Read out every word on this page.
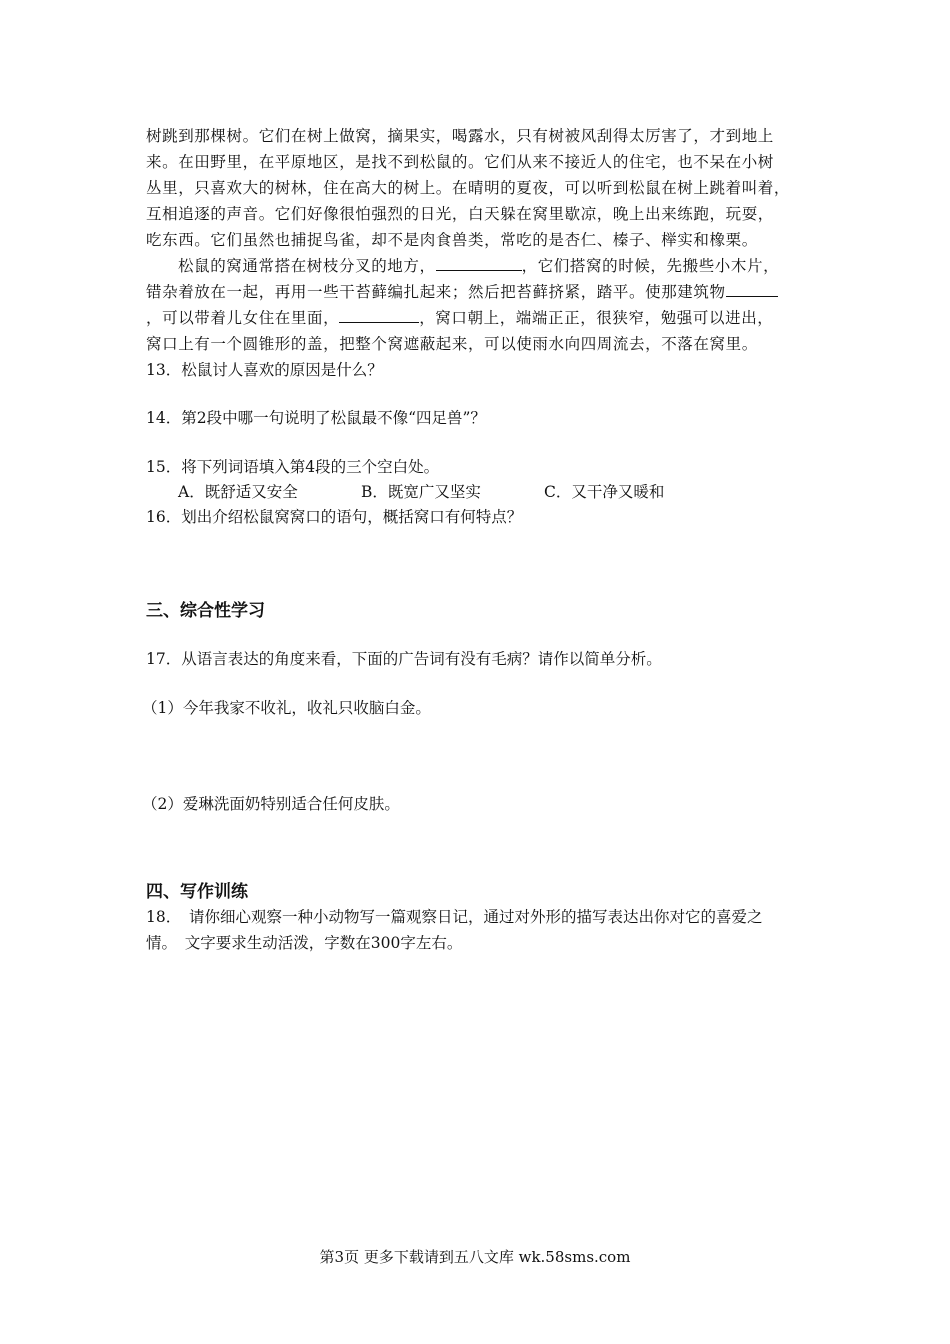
树跳到那棵树。它们在树上做窝，摘果实，喝露水，只有树被风刮得太厉害了，才到地上
来。在田野里，在平原地区，是找不到松鼠的。它们从来不接近人的住宅，也不呆在小树
丛里，只喜欢大的树林，住在高大的树上。在晴明的夏夜，可以听到松鼠在树上跳着叫着，
互相追逐的声音。它们好像很怕强烈的日光，白天躲在窝里歇凉，晚上出来练跑，玩耍，
吃东西。它们虽然也捕捉鸟雀，却不是肉食兽类，常吃的是杏仁、榛子、榉实和橡栗。
松鼠的窝通常搭在树枝分叉的地方，	，它们搭窝的时候，先搬些小木片，
错杂着放在一起，再用一些干苔藓编扎起来；然后把苔藓挤紧，踏平。使那建筑物
，可以带着儿女住在里面，	，窝口朝上，端端正正，很狭窄，勉强可以进出，
窝口上有一个圆锥形的盖，把整个窝遮蔽起来，可以使雨水向四周流去，不落在窝里。
13．松鼠讨人喜欢的原因是什么？
14．第2段中哪一句说明了松鼠最不像“四足兽”？
15．将下列词语填入第4段的三个空白处。
A．既舒适又安全	B．既宽广又坚实	C．又干净又暖和
16．划出介绍松鼠窝窝口的语句，概括窝口有何特点？
三、综合性学习
17．从语言表达的角度来看，下面的广告词有没有毛病？请作以简单分析。
（1）今年我家不收礼，收礼只收脑白金。
（2）爱琳洗面奶特别适合任何皮肤。
四、写作训练
18．　请你细心观察一种小动物写一篇观察日记，通过对外形的描写表达出你对它的喜爱之
情。　文字要求生动活泼，字数在300字左右。
第3页 更多下载请到五八文库 wk.58sms.com
